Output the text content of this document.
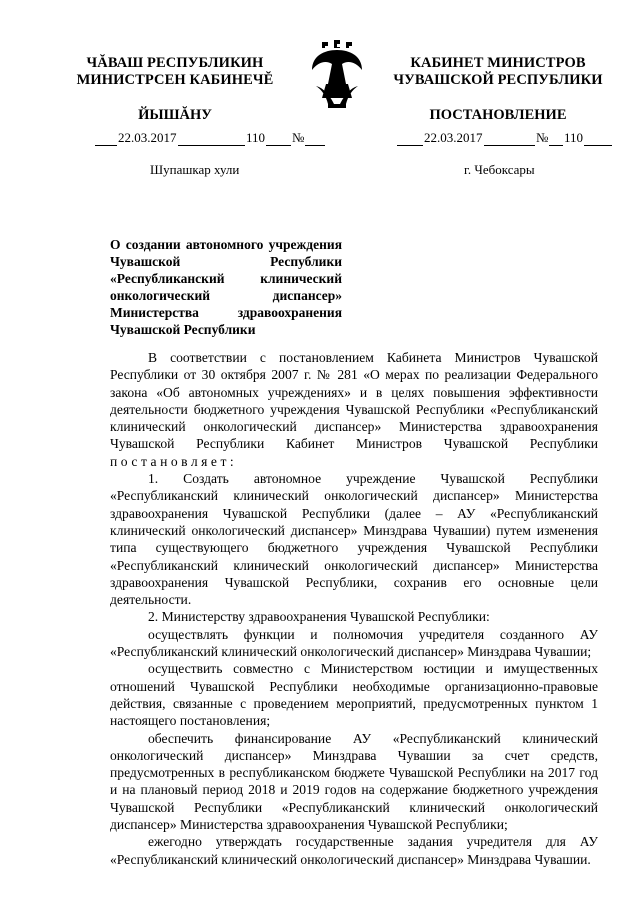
ЧĂВАШ РЕСПУБЛИКИН
МИНИСТРСЕН КАБИНЕЧĔ
ЙЫШĂНУ
КАБИНЕТ МИНИСТРОВ
ЧУВАШСКОЙ РЕСПУБЛИКИ
ПОСТАНОВЛЕНИЕ
22.03.2017	110 №	22.03.2017	№ 110
Шупашкар хули	г. Чебоксары
О создании автономного учреждения Чувашской Республики «Республиканский клинический онкологический диспансер» Министерства здравоохранения Чувашской Республики

В соответствии с постановлением Кабинета Министров Чувашской Республики от 30 октября 2007 г. № 281 «О мерах по реализации Федерального закона «Об автономных учреждениях» и в целях повышения эффективности деятельности бюджетного учреждения Чувашской Республики «Республиканский клинический онкологический диспансер» Министерства здравоохранения Чувашской Республики Кабинет Министров Чувашской Республики постановляет:

1. Создать автономное учреждение Чувашской Республики «Республиканский клинический онкологический диспансер» Министерства здравоохранения Чувашской Республики (далее – АУ «Республиканский клинический онкологический диспансер» Минздрава Чувашии) путем изменения типа существующего бюджетного учреждения Чувашской Республики «Республиканский клинический онкологический диспансер» Министерства здравоохранения Чувашской Республики, сохранив его основные цели деятельности.

2. Министерству здравоохранения Чувашской Республики:

осуществлять функции и полномочия учредителя созданного АУ «Республиканский клинический онкологический диспансер» Минздрава Чувашии;

осуществить совместно с Министерством юстиции и имущественных отношений Чувашской Республики необходимые организационно-правовые действия, связанные с проведением мероприятий, предусмотренных пунктом 1 настоящего постановления;

обеспечить финансирование АУ «Республиканский клинический онкологический диспансер» Минздрава Чувашии за счет средств, предусмотренных в республиканском бюджете Чувашской Республики на 2017 год и на плановый период 2018 и 2019 годов на содержание бюджетного учреждения Чувашской Республики «Республиканский клинический онкологический диспансер» Министерства здравоохранения Чувашской Республики;

ежегодно утверждать государственные задания учредителя для АУ «Республиканский клинический онкологический диспансер» Минздрава Чувашии.
